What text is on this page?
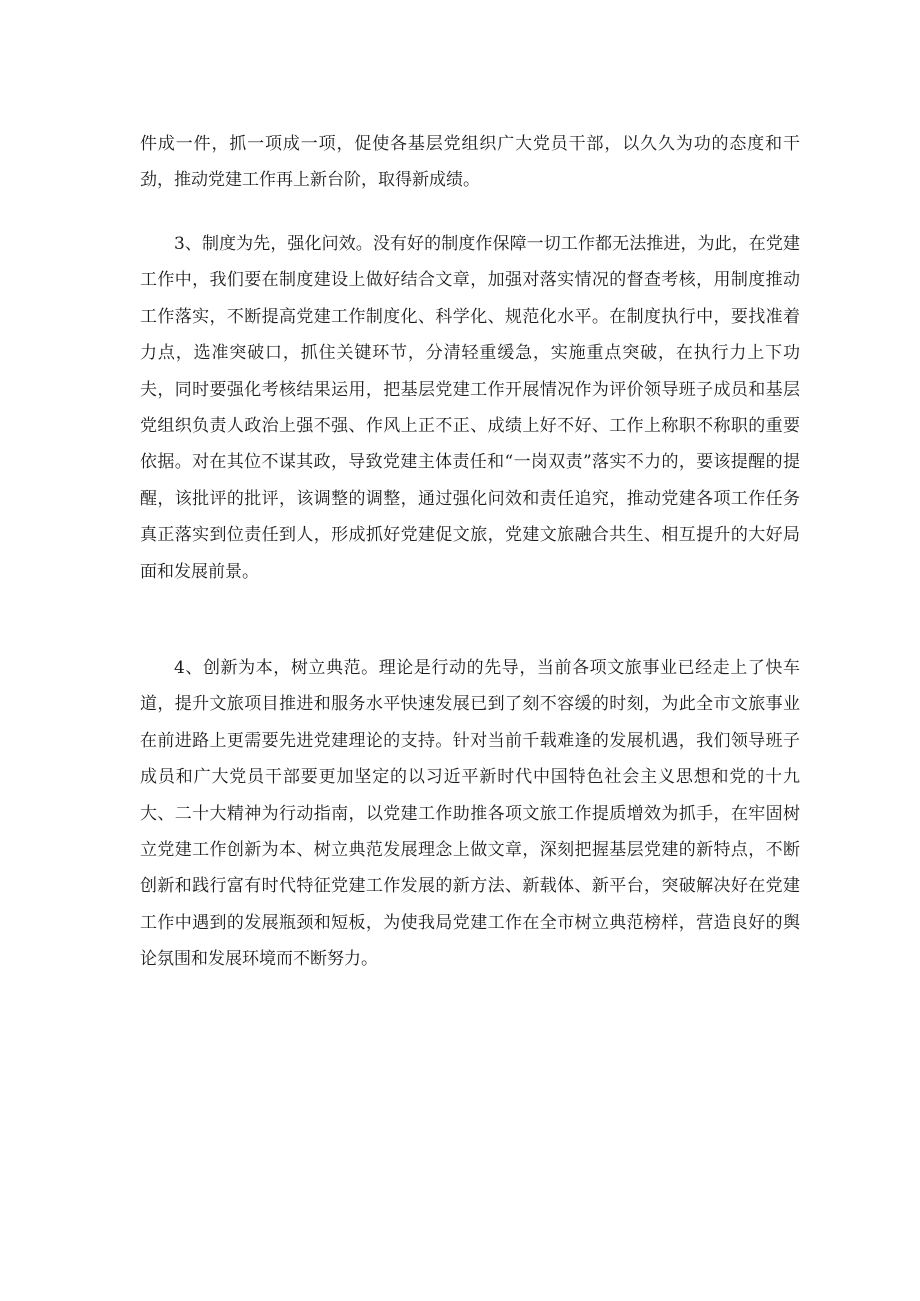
件成一件，抓一项成一项，促使各基层党组织广大党员干部，以久久为功的态度和干劲，推动党建工作再上新台阶，取得新成绩。

3、制度为先，强化问效。没有好的制度作保障一切工作都无法推进，为此，在党建工作中，我们要在制度建设上做好结合文章，加强对落实情况的督查考核，用制度推动工作落实，不断提高党建工作制度化、科学化、规范化水平。在制度执行中，要找准着力点，选准突破口，抓住关键环节，分清轻重缓急，实施重点突破，在执行力上下功夫，同时要强化考核结果运用，把基层党建工作开展情况作为评价领导班子成员和基层党组织负责人政治上强不强、作风上正不正、成绩上好不好、工作上称职不称职的重要依据。对在其位不谋其政，导致党建主体责任和“一岗双责”落实不力的，要该提醒的提醒，该批评的批评，该调整的调整，通过强化问效和责任追究，推动党建各项工作任务真正落实到位责任到人，形成抓好党建促文旅，党建文旅融合共生、相互提升的大好局面和发展前景。

4、创新为本，树立典范。理论是行动的先导，当前各项文旅事业已经走上了快车道，提升文旅项目推进和服务水平快速发展已到了刻不容缓的时刻，为此全市文旅事业在前进路上更需要先进党建理论的支持。针对当前千载难逢的发展机遇，我们领导班子成员和广大党员干部要更加坚定的以习近平新时代中国特色社会主义思想和党的十九大、二十大精神为行动指南，以党建工作助推各项文旅工作提质增效为抓手，在牢固树立党建工作创新为本、树立典范发展理念上做文章，深刻把握基层党建的新特点，不断创新和践行富有时代特征党建工作发展的新方法、新载体、新平台，突破解决好在党建工作中遇到的发展瓶颈和短板，为使我局党建工作在全市树立典范榜样，营造良好的舆论氛围和发展环境而不断努力。
